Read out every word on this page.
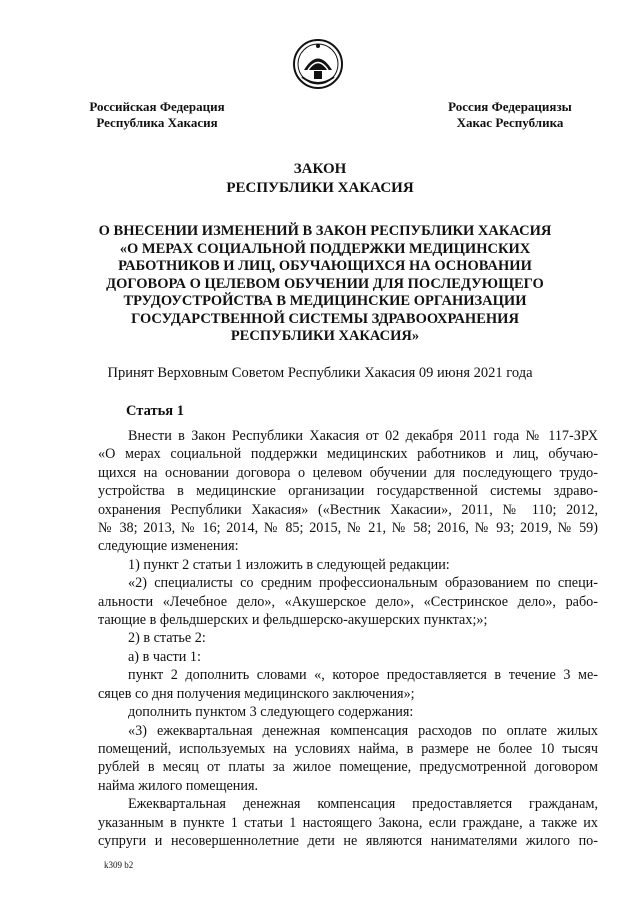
Российская Федерация
Республика Хакасия
Россия Федерациязы
Хакас Республика
ЗАКОН
РЕСПУБЛИКИ ХАКАСИЯ
О ВНЕСЕНИИ ИЗМЕНЕНИЙ В ЗАКОН РЕСПУБЛИКИ ХАКАСИЯ
«О МЕРАХ СОЦИАЛЬНОЙ ПОДДЕРЖКИ МЕДИЦИНСКИХ
РАБОТНИКОВ И ЛИЦ, ОБУЧАЮЩИХСЯ НА ОСНОВАНИИ
ДОГОВОРА О ЦЕЛЕВОМ ОБУЧЕНИИ ДЛЯ ПОСЛЕДУЮЩЕГО
ТРУДОУСТРОЙСТВА В МЕДИЦИНСКИЕ ОРГАНИЗАЦИИ
ГОСУДАРСТВЕННОЙ СИСТЕМЫ ЗДРАВООХРАНЕНИЯ
РЕСПУБЛИКИ ХАКАСИЯ»
Принят Верховным Советом Республики Хакасия 09 июня 2021 года
Статья 1
Внести в Закон Республики Хакасия от 02 декабря 2011 года № 117-ЗРХ
«О мерах социальной поддержки медицинских работников и лиц, обучаю-
щихся на основании договора о целевом обучении для последующего трудо-
устройства в медицинские организации государственной системы здраво-
охранения Республики Хакасия» («Вестник Хакасии», 2011, № 110; 2012,
№ 38; 2013, № 16; 2014, № 85; 2015, № 21, № 58; 2016, № 93; 2019, № 59)
следующие изменения:
1) пункт 2 статьи 1 изложить в следующей редакции:
«2) специалисты со средним профессиональным образованием по специ-
альности «Лечебное дело», «Акушерское дело», «Сестринское дело», рабо-
тающие в фельдшерских и фельдшерско-акушерских пунктах;»;
2) в статье 2:
а) в части 1:
пункт 2 дополнить словами «, которое предоставляется в течение 3 ме-
сяцев со дня получения медицинского заключения»;
дополнить пунктом 3 следующего содержания:
«3) ежеквартальная денежная компенсация расходов по оплате жилых
помещений, используемых на условиях найма, в размере не более 10 тысяч
рублей в месяц от платы за жилое помещение, предусмотренной договором
найма жилого помещения.
Ежеквартальная денежная компенсация предоставляется гражданам,
указанным в пункте 1 статьи 1 настоящего Закона, если граждане, а также их
супруги и несовершеннолетние дети не являются нанимателями жилого по-
k309 b2
